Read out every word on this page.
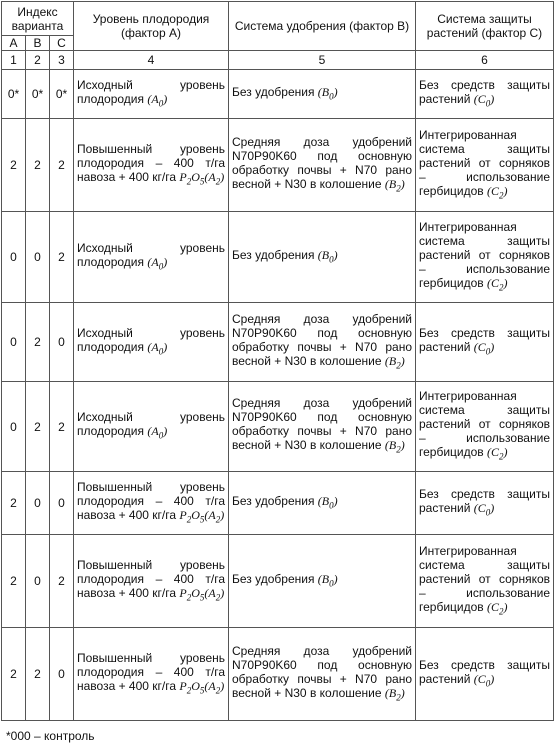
Индекс варианта			Уровень плодородия (фактор А)	Система удобрения (фактор В)	Система защиты растений (фактор С)
A	B	C			
1	2	3	4	5	6
0*	0*	0*	Исходный уровень плодородия $(A_0)$	Без удобрения $(B_0)$	Без средств защиты растений $(C_0)$
2	2	2	Повышенный уровень плодородия – 400 т/га навоза + 400 кг/га $P_2O_5(A_2)$	Средняя доза удобрений N70P90K60 под основную обработку почвы + N70 рано весной + N30 в колошение $(B_2)$	Интегрированная система защиты растений от сорняков – использование гербицидов $(C_2)$
0	0	2	Исходный уровень плодородия $(A_0)$	Без удобрения $(B_0)$	Интегрированная система защиты растений от сорняков – использование гербицидов $(C_2)$
0	2	0	Исходный уровень плодородия $(A_0)$	Средняя доза удобрений N70P90K60 под основную обработку почвы + N70 рано весной + N30 в колошение $(B_2)$	Без средств защиты растений $(C_0)$
0	2	2	Исходный уровень плодородия $(A_0)$	Средняя доза удобрений N70P90K60 под основную обработку почвы + N70 рано весной + N30 в колошение $(B_2)$	Интегрированная система защиты растений от сорняков – использование гербицидов $(C_2)$
2	0	0	Повышенный уровень плодородия – 400 т/га навоза + 400 кг/га $P_2O_5(A_2)$	Без удобрения $(B_0)$	Без средств защиты растений $(C_0)$
2	0	2	Повышенный уровень плодородия – 400 т/га навоза + 400 кг/га $P_2O_5(A_2)$	Без удобрения $(B_0)$	Интегрированная система защиты растений от сорняков – использование гербицидов $(C_2)$
2	2	0	Повышенный уровень плодородия – 400 т/га навоза + 400 кг/га $P_2O_5(A_2)$	Средняя доза удобрений N70P90K60 под основную обработку почвы + N70 рано весной + N30 в колошение $(B_2)$	Без средств защиты растений $(C_0)$
*000 – контроль
